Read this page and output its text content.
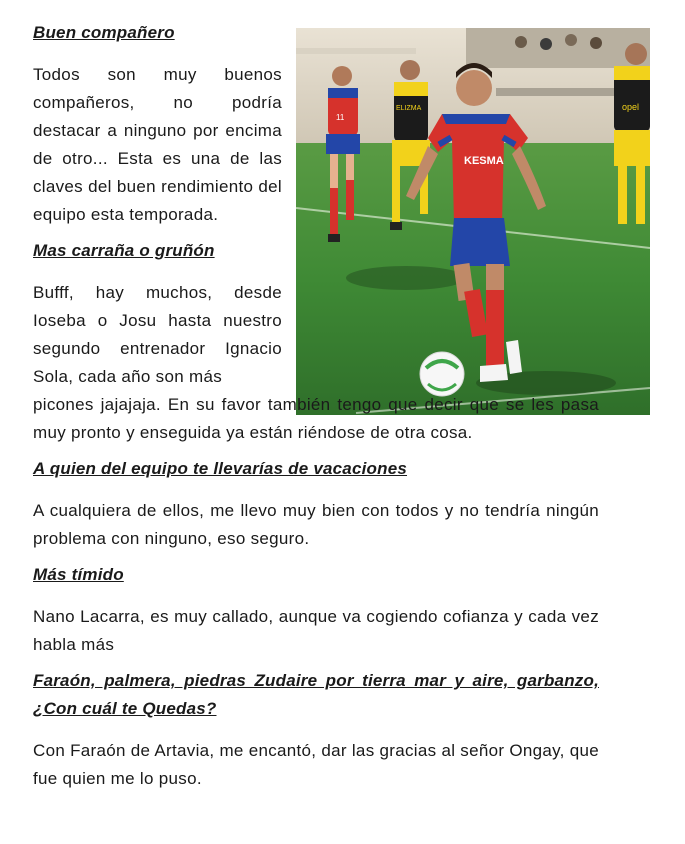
11
ELIZMA	opel
KESMA
Buen compañero

Todos son muy buenos compañeros, no podría destacar a ninguno por encima de otro... Esta es una de las claves del buen rendimiento del equipo esta temporada.

Mas carraña o gruñón

Bufff, hay muchos, desde Ioseba o Josu hasta nuestro segundo entrenador Ignacio Sola, cada año son más

picones jajajaja. En su favor también tengo que decir que se les pasa muy pronto y enseguida ya están riéndose de otra cosa.

A quien del equipo te llevarías de vacaciones

A cualquiera de ellos, me llevo muy bien con todos y no tendría ningún problema con ninguno, eso seguro.

Más tímido

Nano Lacarra, es muy callado, aunque va cogiendo cofianza y cada vez habla más

Faraón, palmera, piedras Zudaire por tierra mar y aire, garbanzo, ¿Con cuál te Quedas?

Con Faraón de Artavia, me encantó, dar las gracias al señor Ongay, que fue quien me lo puso.
